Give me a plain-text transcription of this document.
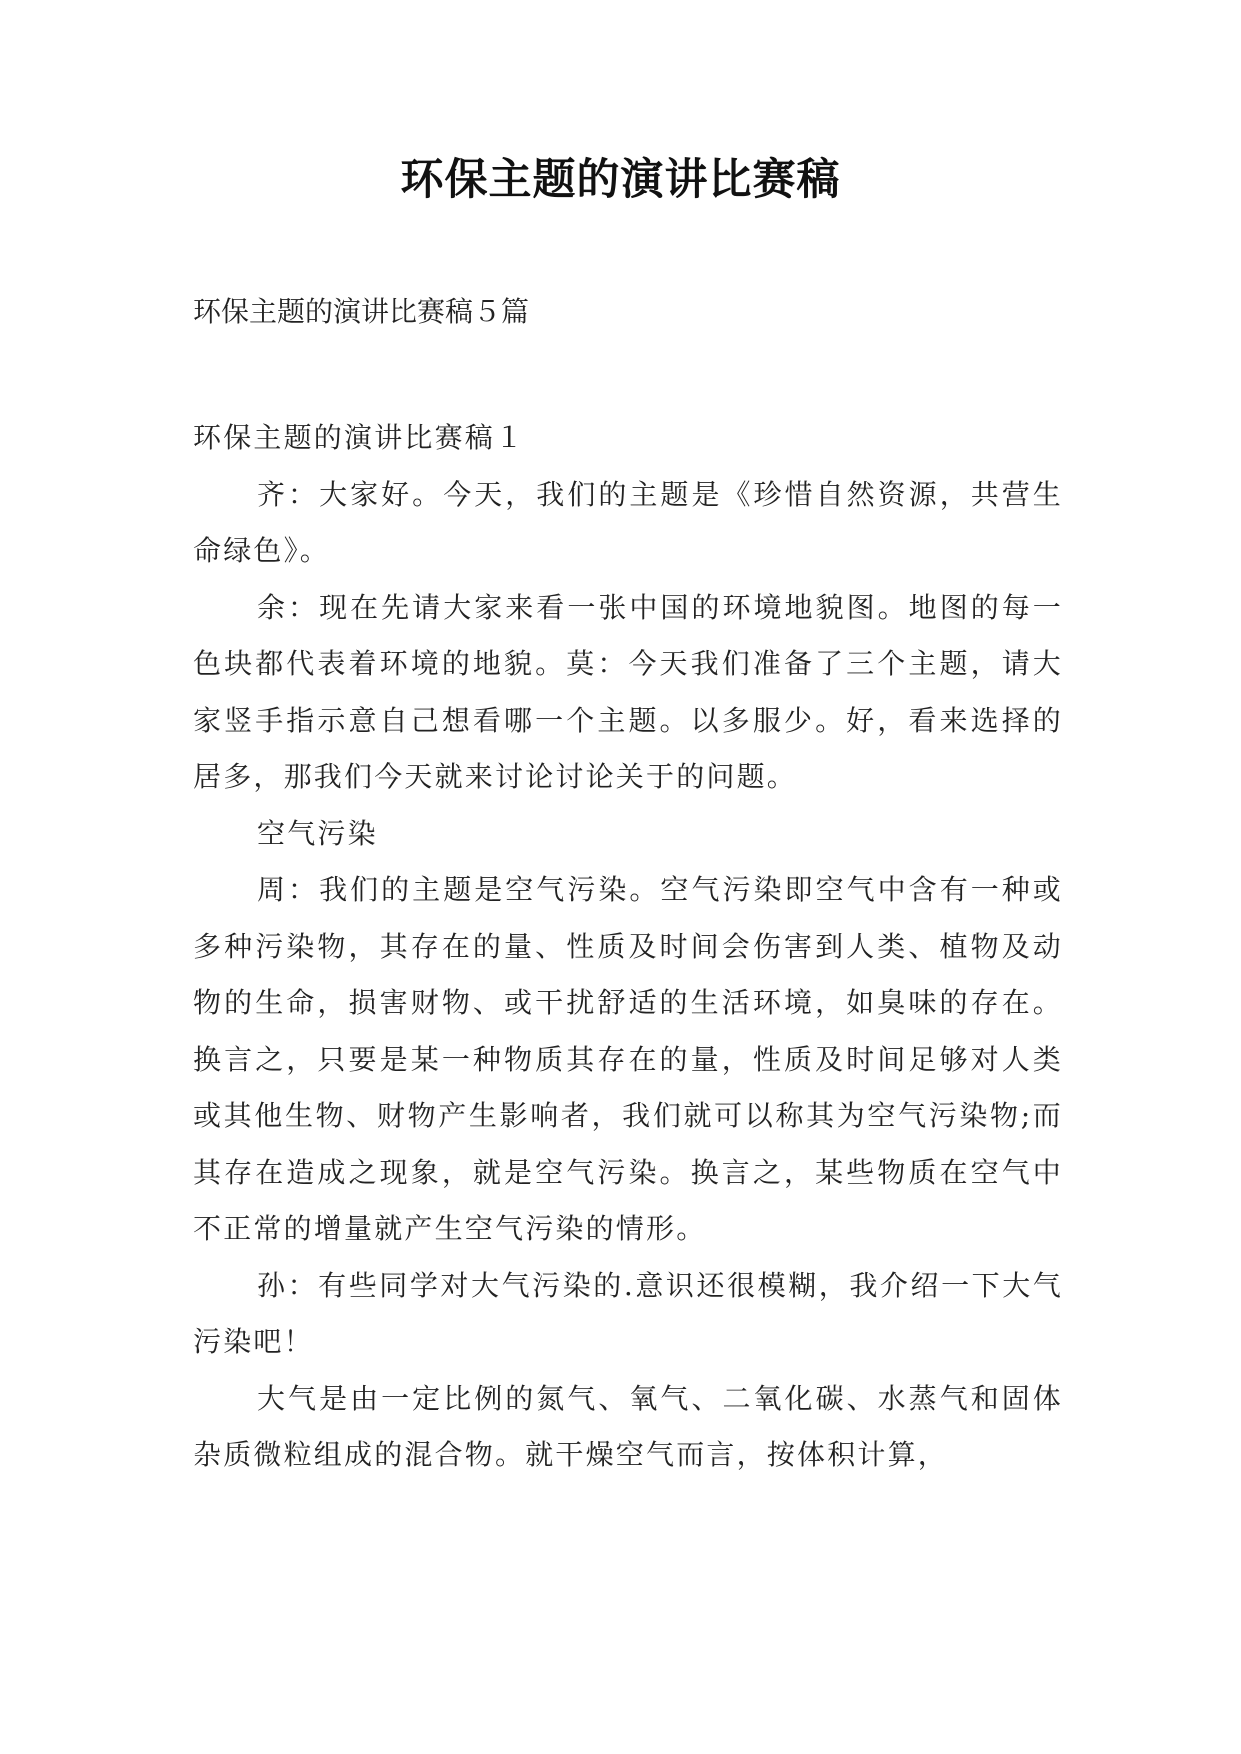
环保主题的演讲比赛稿

环保主题的演讲比赛稿５篇

环保主题的演讲比赛稿１

齐：大家好。今天，我们的主题是《珍惜自然资源，共营生命绿色》。

余：现在先请大家来看一张中国的环境地貌图。地图的每一色块都代表着环境的地貌。莫：今天我们准备了三个主题，请大家竖手指示意自己想看哪一个主题。以多服少。好，看来选择的居多，那我们今天就来讨论讨论关于的问题。

空气污染

周：我们的主题是空气污染。空气污染即空气中含有一种或多种污染物，其存在的量、性质及时间会伤害到人类、植物及动物的生命，损害财物、或干扰舒适的生活环境，如臭味的存在。换言之，只要是某一种物质其存在的量，性质及时间足够对人类或其他生物、财物产生影响者，我们就可以称其为空气污染物;而其存在造成之现象，就是空气污染。换言之，某些物质在空气中不正常的增量就产生空气污染的情形。

孙：有些同学对大气污染的.意识还很模糊，我介绍一下大气污染吧！

大气是由一定比例的氮气、氧气、二氧化碳、水蒸气和固体杂质微粒组成的混合物。就干燥空气而言，按体积计算，
